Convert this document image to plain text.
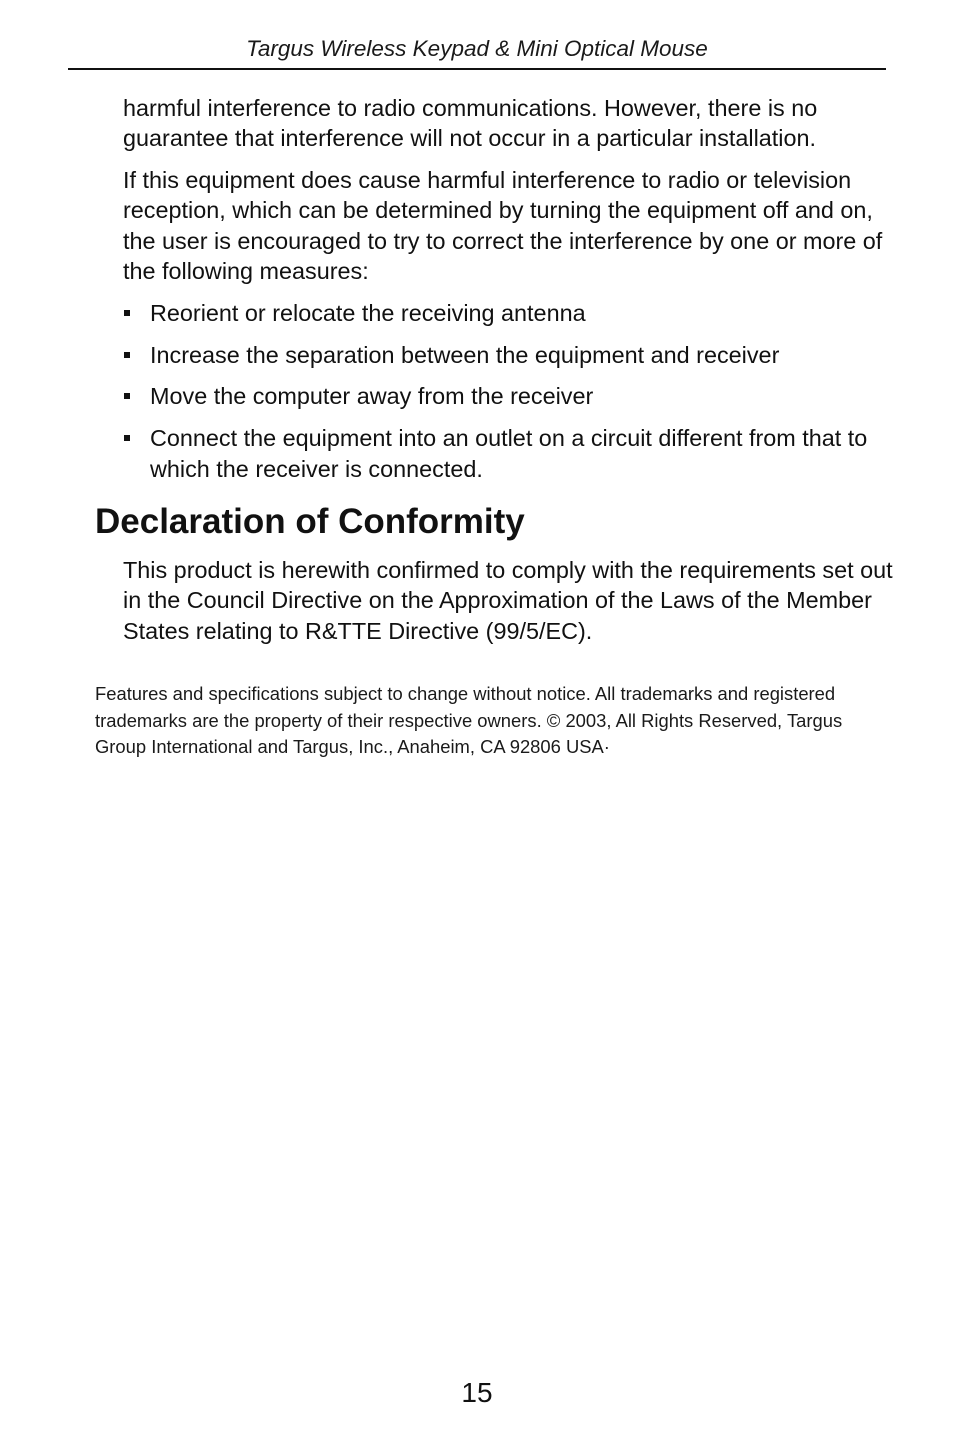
Targus Wireless Keypad & Mini Optical Mouse

harmful interference to radio communications. However, there is no guarantee that interference will not occur in a particular installation.

If this equipment does cause harmful interference to radio or television reception, which can be determined by turning the equipment off and on, the user is encouraged to try to correct the interference by one or more of the following measures:

Reorient or relocate the receiving antenna
Increase the separation between the equipment and receiver
Move the computer away from the receiver
Connect the equipment into an outlet on a circuit different from that to which the receiver is connected.
Declaration of Conformity

This product is herewith confirmed to comply with the requirements set out in the Council Directive on the Approximation of the Laws of the Member States relating to R&TTE Directive (99/5/EC).

Features and specifications subject to change without notice. All trademarks and registered trademarks are the property of their respective owners. © 2003, All Rights Reserved, Targus Group International and Targus, Inc., Anaheim, CA 92806 USA·

15
